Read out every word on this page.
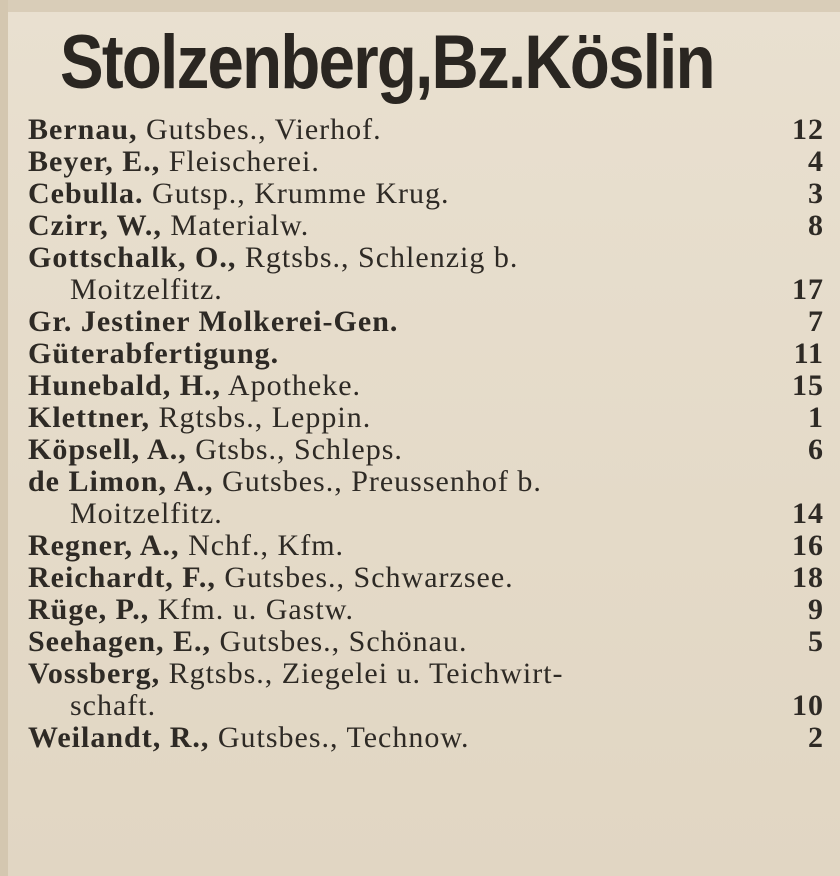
Stolzenberg,Bz.Köslin
Bernau, Gutsbes., Vierhof.	12
Beyer, E., Fleischerei.	4
Cebulla. Gutsp., Krumme Krug.	3
Czirr, W., Materialw.	8
Gottschalk, O., Rgtsbs., Schlenzig b.
Moitzelfitz.	17
Gr. Jestiner Molkerei-Gen.	7
Güterabfertigung.	11
Hunebald, H., Apotheke.	15
Klettner, Rgtsbs., Leppin.	1
Köpsell, A., Gtsbs., Schleps.	6
de Limon, A., Gutsbes., Preussenhof b.
Moitzelfitz.	14
Regner, A., Nchf., Kfm.	16
Reichardt, F., Gutsbes., Schwarzsee.	18
Rüge, P., Kfm. u. Gastw.	9
Seehagen, E., Gutsbes., Schönau.	5
Vossberg, Rgtsbs., Ziegelei u. Teichwirt-
schaft.	10
Weilandt, R., Gutsbes., Technow.	2
